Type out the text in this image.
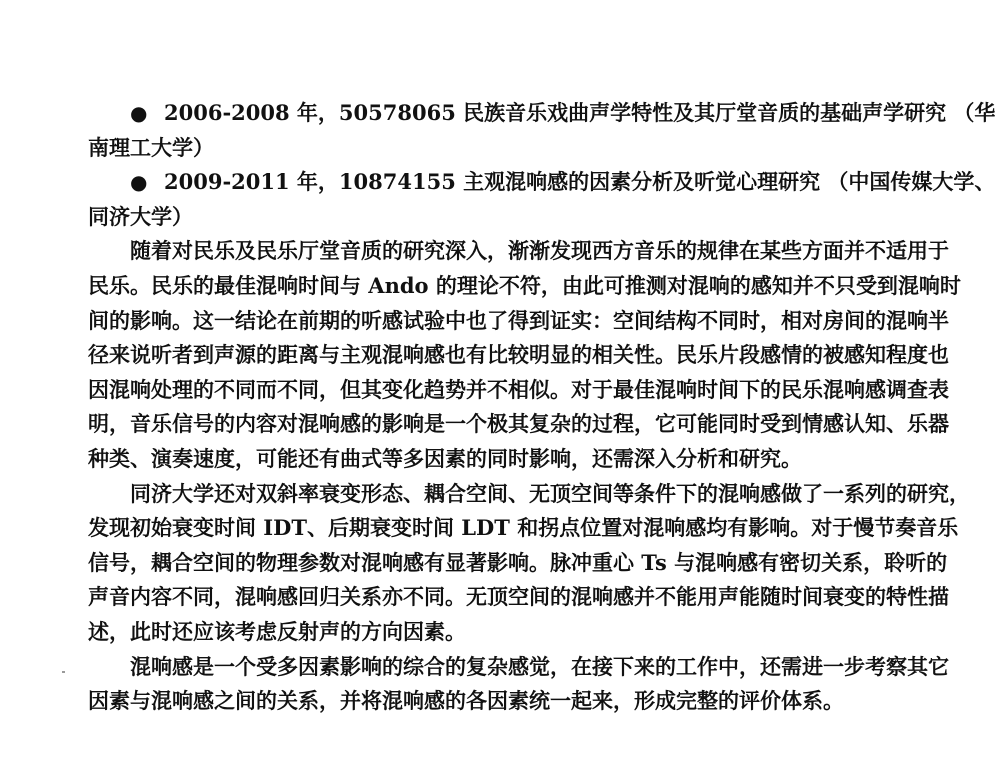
● 2006-2008 年，50578065 民族音乐戏曲声学特性及其厅堂音质的基础声学研究 （华
南理工大学）
● 2009-2011 年，10874155 主观混响感的因素分析及听觉心理研究 （中国传媒大学、
同济大学）
随着对民乐及民乐厅堂音质的研究深入，渐渐发现西方音乐的规律在某些方面并不适用于
民乐。民乐的最佳混响时间与 Ando 的理论不符，由此可推测对混响的感知并不只受到混响时
间的影响。这一结论在前期的听感试验中也了得到证实：空间结构不同时，相对房间的混响半
径来说听者到声源的距离与主观混响感也有比较明显的相关性。民乐片段感情的被感知程度也
因混响处理的不同而不同，但其变化趋势并不相似。对于最佳混响时间下的民乐混响感调查表
明，音乐信号的内容对混响感的影响是一个极其复杂的过程，它可能同时受到情感认知、乐器
种类、演奏速度，可能还有曲式等多因素的同时影响，还需深入分析和研究。
同济大学还对双斜率衰变形态、耦合空间、无顶空间等条件下的混响感做了一系列的研究，
发现初始衰变时间 IDT、后期衰变时间 LDT 和拐点位置对混响感均有影响。对于慢节奏音乐
信号，耦合空间的物理参数对混响感有显著影响。脉冲重心 Ts 与混响感有密切关系，聆听的
声音内容不同，混响感回归关系亦不同。无顶空间的混响感并不能用声能随时间衰变的特性描
述，此时还应该考虑反射声的方向因素。
混响感是一个受多因素影响的综合的复杂感觉，在接下来的工作中，还需进一步考察其它
因素与混响感之间的关系，并将混响感的各因素统一起来，形成完整的评价体系。
